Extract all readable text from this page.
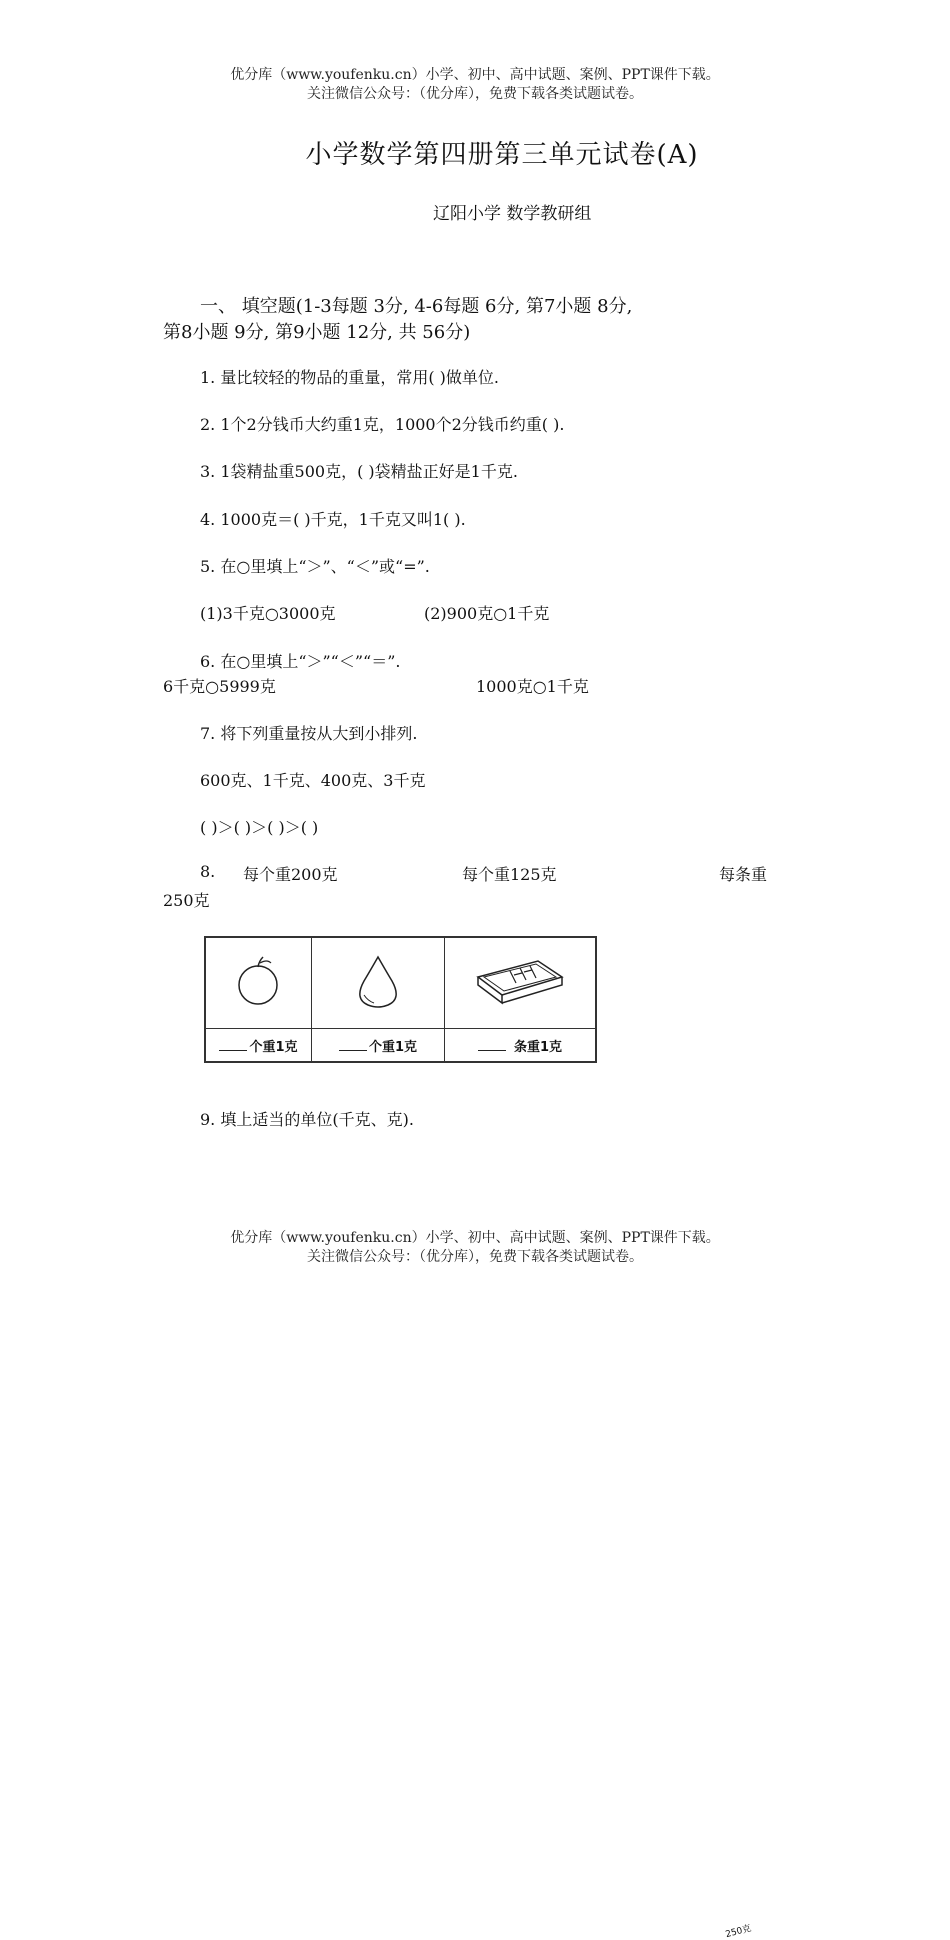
优分库（www.youfenku.cn）小学、初中、高中试题、案例、PPT课件下载。
关注微信公众号：（优分库），免费下载各类试题试卷。
小学数学第四册第三单元试卷(A)
辽阳小学 数学教研组
一、 填空题(1-3每题 3分, 4-6每题 6分, 第7小题 8分,
第8小题 9分, 第9小题 12分, 共 56分)
1. 量比较轻的物品的重量，常用( )做单位.
2. 1个2分钱币大约重1克，1000个2分钱币约重( ).
3. 1袋精盐重500克，( )袋精盐正好是1千克.
4. 1000克＝( )千克，1千克又叫1( ).
5. 在○里填上“＞”、“＜”或“=”.
(1)3千克○3000克	(2)900克○1千克
6. 在○里填上“＞”“＜”“＝”.
6千克○5999克	1000克○1千克
7. 将下列重量按从大到小排列.
600克、1千克、400克、3千克
( )＞( )＞( )＞( )
8. 每个重200克	每个重125克	每条重
250克

250克

个重1克	个重1克	条重1克
9. 填上适当的单位(千克、克).
优分库（www.youfenku.cn）小学、初中、高中试题、案例、PPT课件下载。
关注微信公众号：（优分库），免费下载各类试题试卷。
